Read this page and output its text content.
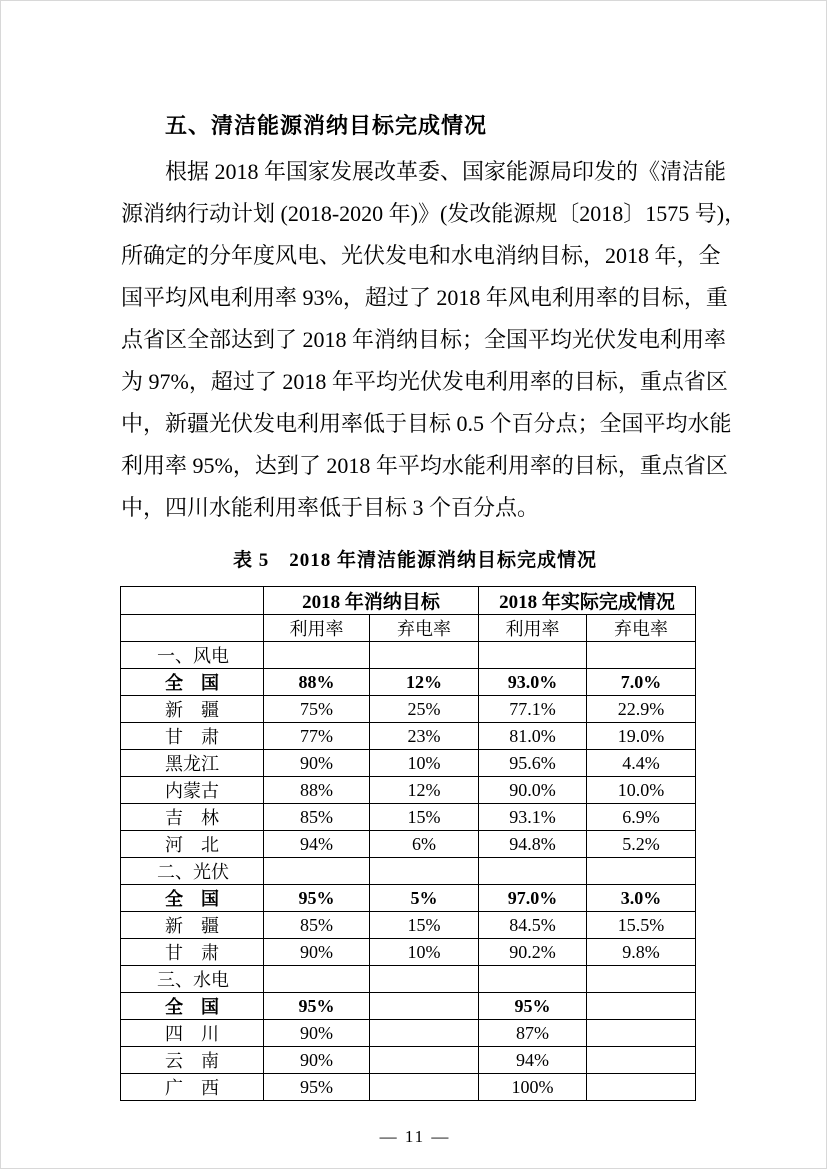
五、清洁能源消纳目标完成情况
根据 2018 年国家发展改革委、国家能源局印发的《清洁能
源消纳行动计划 (2018-2020 年)》(发改能源规〔2018〕1575 号)，
所确定的分年度风电、光伏发电和水电消纳目标，2018 年，全
国平均风电利用率 93%，超过了 2018 年风电利用率的目标，重
点省区全部达到了 2018 年消纳目标；全国平均光伏发电利用率
为 97%，超过了 2018 年平均光伏发电利用率的目标，重点省区
中，新疆光伏发电利用率低于目标 0.5 个百分点；全国平均水能
利用率 95%，达到了 2018 年平均水能利用率的目标，重点省区
中，四川水能利用率低于目标 3 个百分点。
表 5　2018 年清洁能源消纳目标完成情况
	2018 年消纳目标		2018 年实际完成情况	
	利用率	弃电率	利用率	弃电率
一、风电				
全　国	88%	12%	93.0%	7.0%
新　疆	75%	25%	77.1%	22.9%
甘　肃	77%	23%	81.0%	19.0%
黑龙江	90%	10%	95.6%	4.4%
内蒙古	88%	12%	90.0%	10.0%
吉　林	85%	15%	93.1%	6.9%
河　北	94%	6%	94.8%	5.2%
二、光伏				
全　国	95%	5%	97.0%	3.0%
新　疆	85%	15%	84.5%	15.5%
甘　肃	90%	10%	90.2%	9.8%
三、水电				
全　国	95%		95%	
四　川	90%		87%	
云　南	90%		94%	
广　西	95%		100%	
— 11 —
